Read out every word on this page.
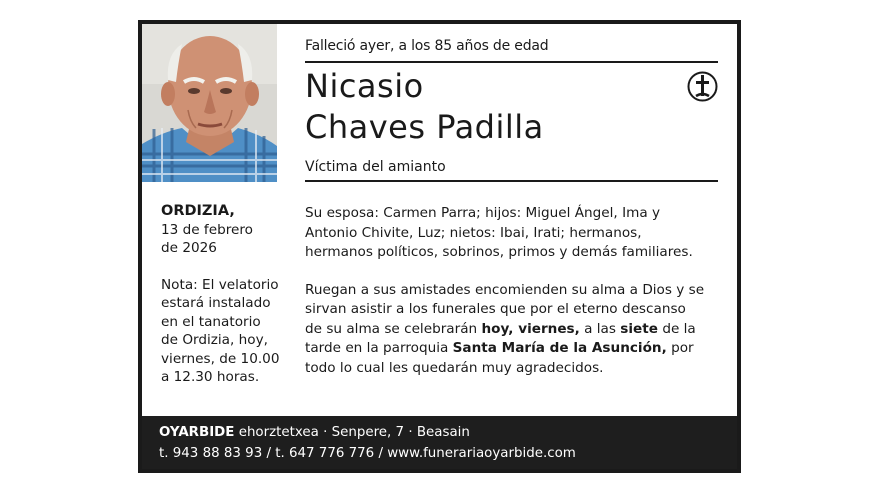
Falleció ayer, a los 85 años de edad
Nicasio
Chaves Padilla
Víctima del amianto
ORDIZIA,
13 de febrero
de 2026
Nota: El velatorio
estará instalado
en el tanatorio
de Ordizia, hoy,
viernes, de 10.00
a 12.30 horas.

Su esposa: Carmen Parra; hijos: Miguel Ángel, Ima y
Antonio Chivite, Luz; nietos: Ibai, Irati; hermanos,
hermanos políticos, sobrinos, primos y demás familiares.

Ruegan a sus amistades encomienden su alma a Dios y se
sirvan asistir a los funerales que por el eterno descanso
de su alma se celebrarán hoy, viernes, a las siete de la
tarde en la parroquia Santa María de la Asunción, por
todo lo cual les quedarán muy agradecidos.

OYARBIDE ehorztetxea · Senpere, 7 · Beasain
t. 943 88 83 93 / t. 647 776 776 / www.funerariaoyarbide.com
